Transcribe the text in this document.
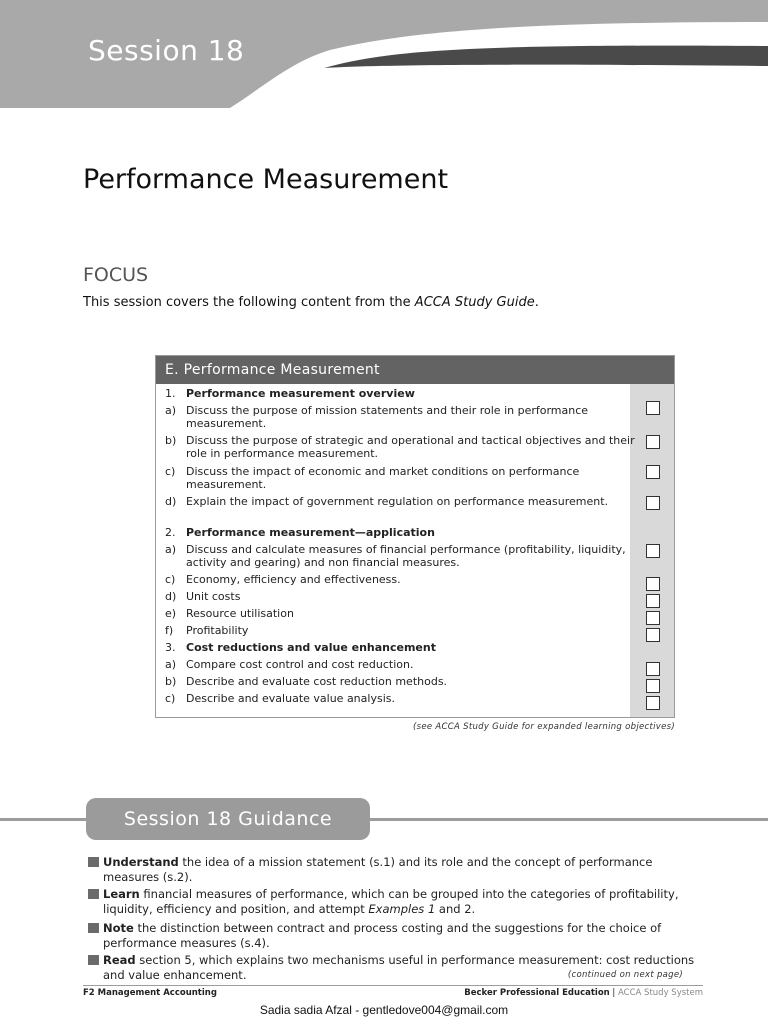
Session 18
Performance Measurement
FOCUS

This session covers the following content from the ACCA Study Guide.

E. Performance Measurement
1. Performance measurement overview
a) Discuss the purpose of mission statements and their role in performance measurement.
b) Discuss the purpose of strategic and operational and tactical objectives and their role in performance measurement.
c) Discuss the impact of economic and market conditions on performance measurement.
d) Explain the impact of government regulation on performance measurement.
2. Performance measurement—application
a) Discuss and calculate measures of financial performance (profitability, liquidity, activity and gearing) and non financial measures.
c) Economy, efficiency and effectiveness.
d) Unit costs
e) Resource utilisation
f)	Profitability
3. Cost reductions and value enhancement
a) Compare cost control and cost reduction.
b) Describe and evaluate cost reduction methods.
c) Describe and evaluate value analysis.

(see ACCA Study Guide for expanded learning objectives)

Session 18 Guidance
Understand the idea of a mission statement (s.1) and its role and the concept of performance measures (s.2).
Learn financial measures of performance, which can be grouped into the categories of profitability, liquidity, efficiency and position, and attempt Examples 1 and 2.
Note the distinction between contract and process costing and the suggestions for the choice of performance measures (s.4).
Read section 5, which explains two mechanisms useful in performance measurement: cost reductions and value enhancement.	(continued on next page)

F2 Management Accounting	Becker Professional Education | ACCA Study System

Sadia sadia Afzal - gentledove004@gmail.com
